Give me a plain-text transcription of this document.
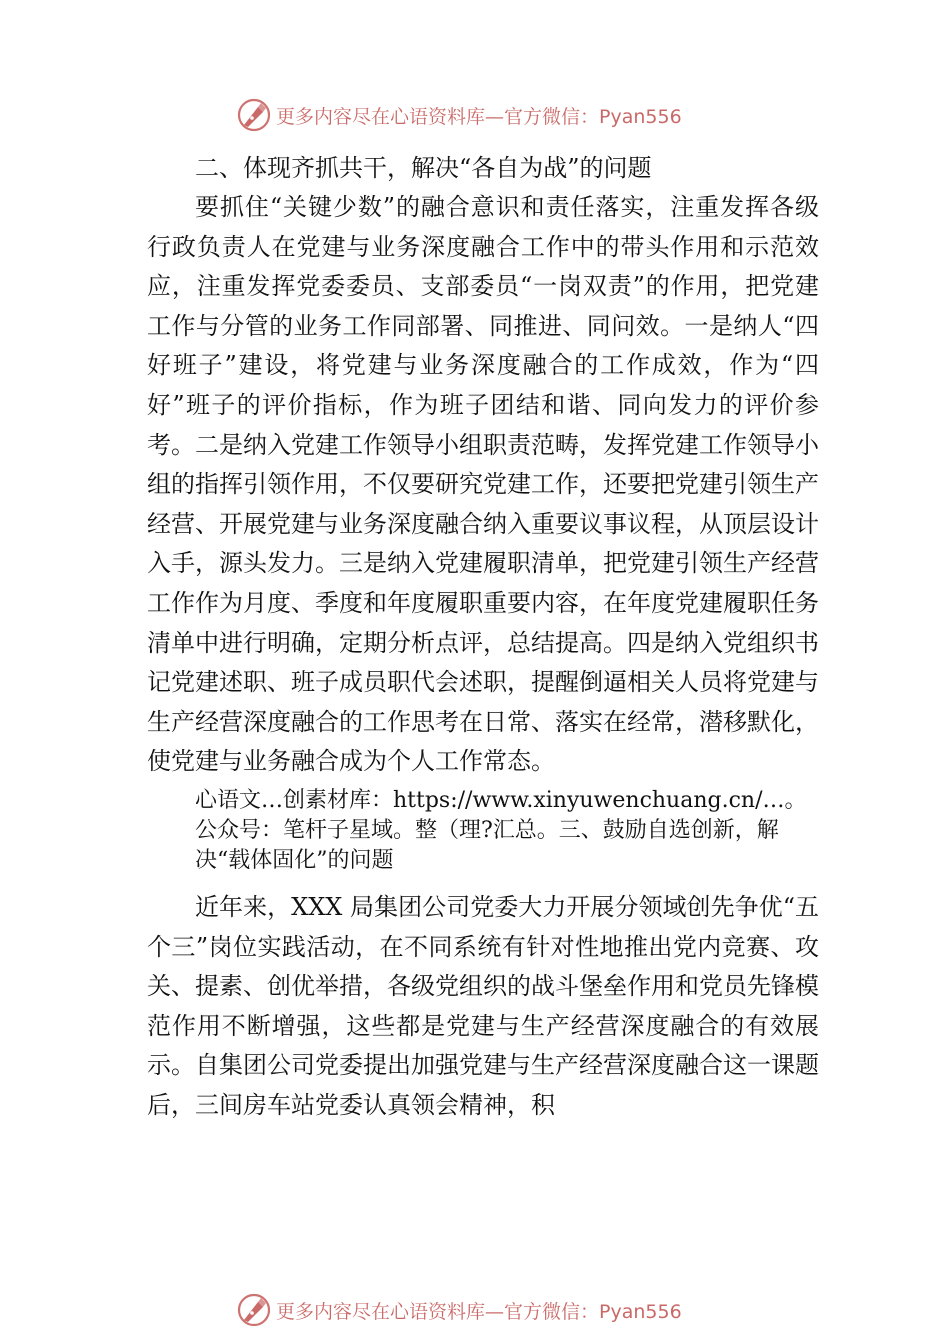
更多内容尽在心语资料库—官方微信：Pyan556

二、体现齐抓共干，解决“各自为战”的问题

要抓住“关键少数”的融合意识和责任落实，注重发挥各级行政负责人在党建与业务深度融合工作中的带头作用和示范效应，注重发挥党委委员、支部委员“一岗双责”的作用，把党建工作与分管的业务工作同部署、同推进、同问效。一是纳人“四好班子”建设，将党建与业务深度融合的工作成效，作为“四好”班子的评价指标，作为班子团结和谐、同向发力的评价参考。二是纳入党建工作领导小组职责范畴，发挥党建工作领导小组的指挥引领作用，不仅要研究党建工作，还要把党建引领生产经营、开展党建与业务深度融合纳入重要议事议程，从顶层设计入手，源头发力。三是纳入党建履职清单，把党建引领生产经营工作作为月度、季度和年度履职重要内容，在年度党建履职任务清单中进行明确，定期分析点评，总结提高。四是纳入党组织书记党建述职、班子成员职代会述职，提醒倒逼相关人员将党建与生产经营深度融合的工作思考在日常、落实在经常，潜移默化， 使党建与业务融合成为个人工作常态。

心语文…创素材库：https://www.xinyuwenchuang.cn/…。公众号：笔杆子星域。整（理?汇总。三、鼓励自选创新，解决“载体固化”的问题

近年来，XXX 局集团公司党委大力开展分领域创先争优“五个三”岗位实践活动，在不同系统有针对性地推出党内竞赛、攻关、提素、创优举措，各级党组织的战斗堡垒作用和党员先锋模范作用不断增强，这些都是党建与生产经营深度融合的有效展示。自集团公司党委提出加强党建与生产经营深度融合这一课题后，三间房车站党委认真领会精神，积

更多内容尽在心语资料库—官方微信：Pyan556
